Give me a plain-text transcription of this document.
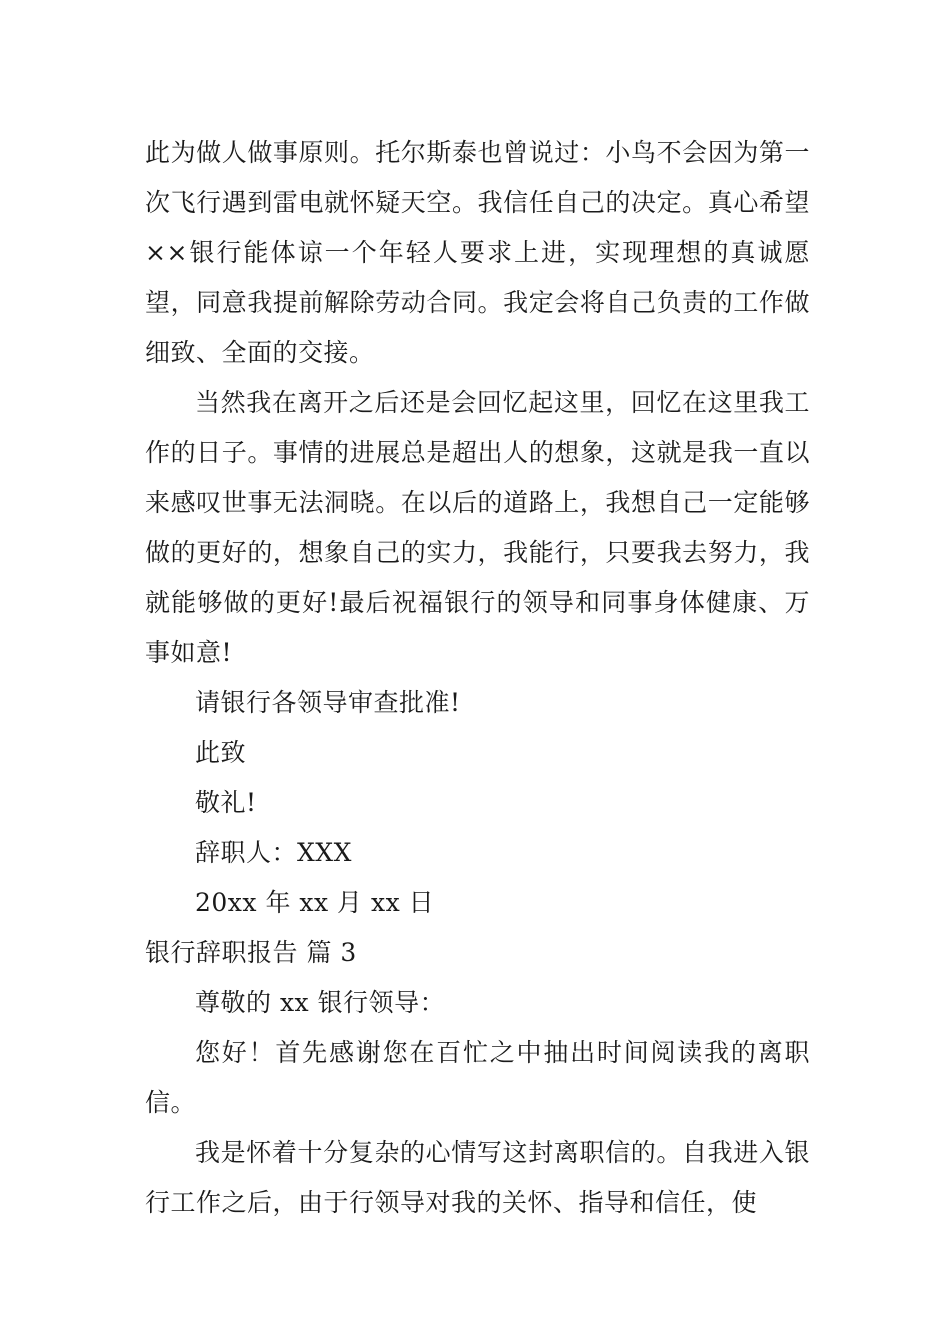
此为做人做事原则。托尔斯泰也曾说过：小鸟不会因为第一次飞行遇到雷电就怀疑天空。我信任自己的决定。真心希望××银行能体谅一个年轻人要求上进，实现理想的真诚愿望，同意我提前解除劳动合同。我定会将自己负责的工作做细致、全面的交接。

当然我在离开之后还是会回忆起这里，回忆在这里我工作的日子。事情的进展总是超出人的想象，这就是我一直以来感叹世事无法洞晓。在以后的道路上，我想自己一定能够做的更好的，想象自己的实力，我能行，只要我去努力，我就能够做的更好!最后祝福银行的领导和同事身体健康、万事如意!

请银行各领导审查批准!

此致

敬礼!

辞职人：XXX

20xx 年 xx 月 xx 日

银行辞职报告 篇 3

尊敬的 xx 银行领导：

您好！首先感谢您在百忙之中抽出时间阅读我的离职信。

我是怀着十分复杂的心情写这封离职信的。自我进入银行工作之后，由于行领导对我的关怀、指导和信任，使
